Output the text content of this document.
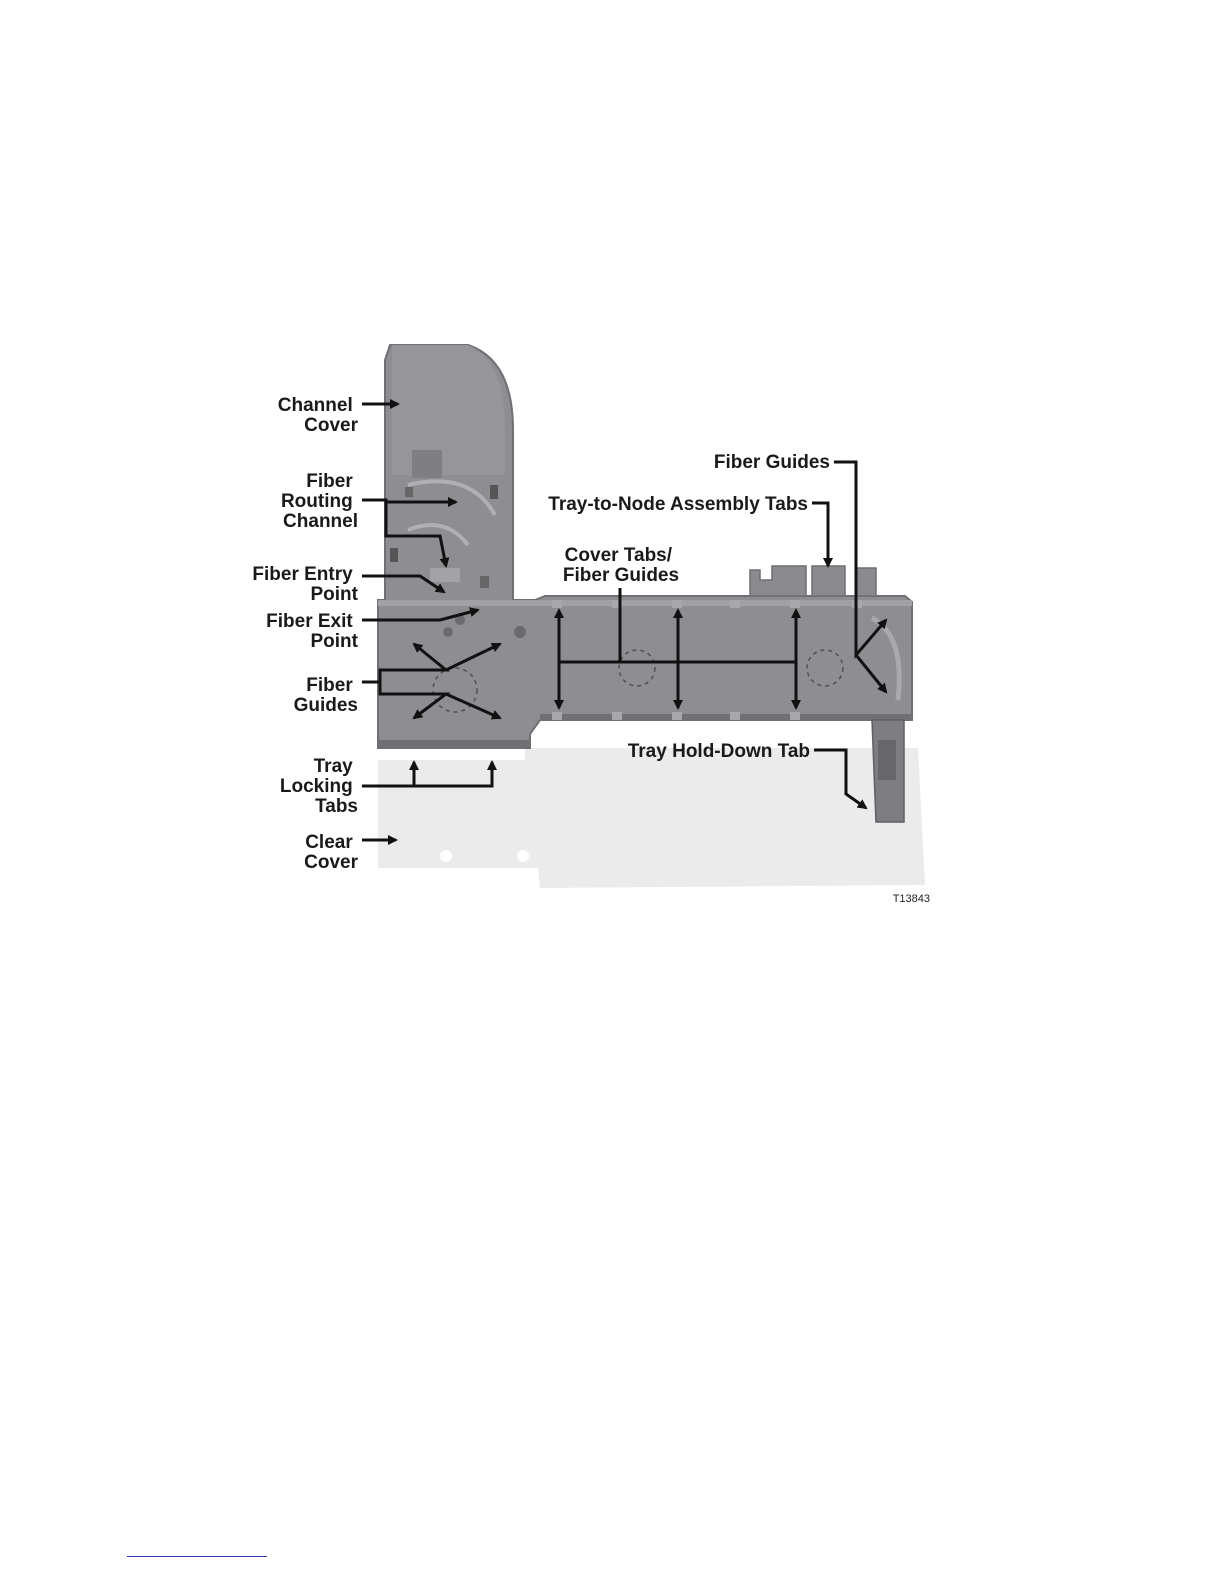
Channel Cover
Fiber Routing Channel
Fiber Entry Point
Fiber Exit Point
Fiber Guides
Tray Locking Tabs
Clear Cover
Fiber Guides
Tray-to-Node Assembly Tabs
Cover Tabs/ Fiber Guides
Tray Hold-Down Tab
T13843
